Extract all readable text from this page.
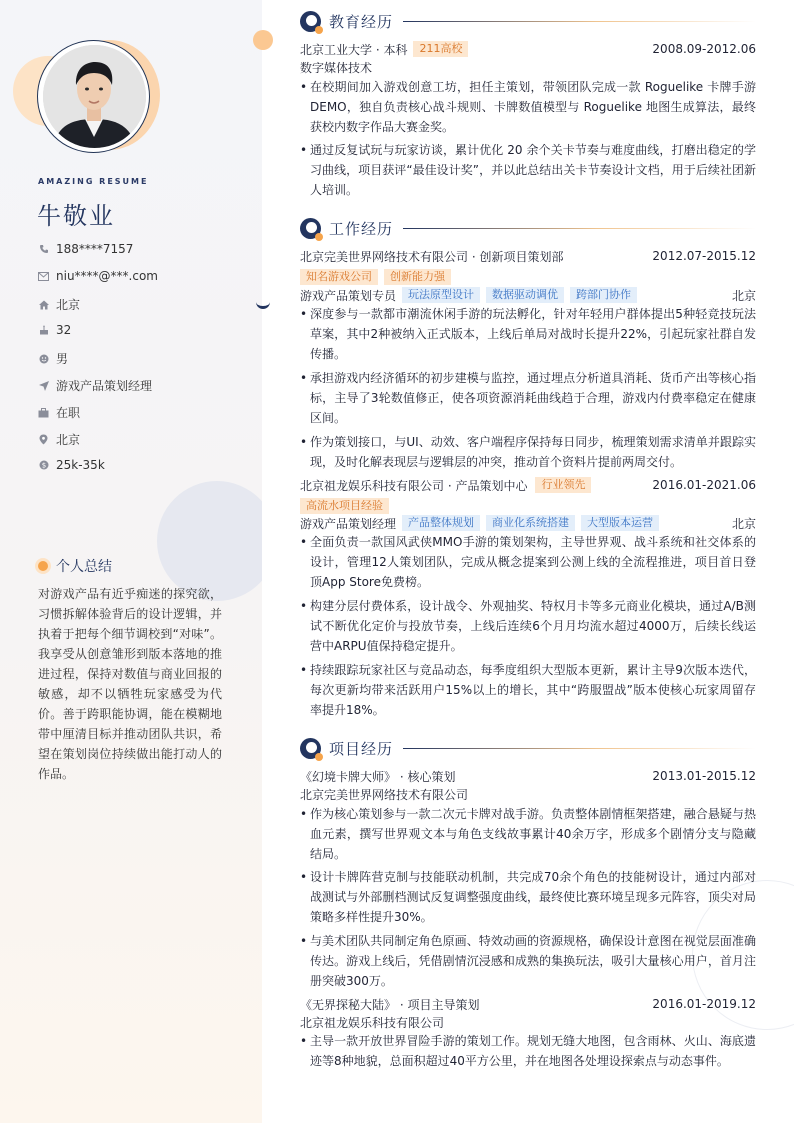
AMAZING RESUME
牛敬业
188****7157
niu****@***.com
北京
32
男
游戏产品策划经理
在职
北京
$ 25k-35k
个人总结
对游戏产品有近乎痴迷的探究欲，习惯拆解体验背后的设计逻辑，并执着于把每个细节调校到“对味”。我享受从创意雏形到版本落地的推进过程，保持对数值与商业回报的敏感，却不以牺牲玩家感受为代价。善于跨职能协调，能在模糊地带中厘清目标并推动团队共识，希望在策划岗位持续做出能打动人的作品。
教育经历
北京工业大学 · 本科	211高校	2008.09-2012.06
数字媒体技术
• 在校期间加入游戏创意工坊，担任主策划，带领团队完成一款 Roguelike 卡牌手游 DEMO，独自负责核心战斗规则、卡牌数值模型与 Roguelike 地图生成算法，最终获校内数字作品大赛金奖。
• 通过反复试玩与玩家访谈，累计优化 20 余个关卡节奏与难度曲线，打磨出稳定的学习曲线，项目获评“最佳设计奖”，并以此总结出关卡节奏设计文档，用于后续社团新人培训。
工作经历
北京完美世界网络技术有限公司 · 创新项目策划部	2012.07-2015.12
知名游戏公司	创新能力强
游戏产品策划专员	玩法原型设计	数据驱动调优	跨部门协作	北京
• 深度参与一款都市潮流休闲手游的玩法孵化，针对年轻用户群体提出5种轻竞技玩法草案，其中2种被纳入正式版本，上线后单局对战时长提升22%，引起玩家社群自发传播。
• 承担游戏内经济循环的初步建模与监控，通过埋点分析道具消耗、货币产出等核心指标，主导了3轮数值修正，使各项资源消耗曲线趋于合理，游戏内付费率稳定在健康区间。
• 作为策划接口，与UI、动效、客户端程序保持每日同步，梳理策划需求清单并跟踪实现，及时化解表现层与逻辑层的冲突，推动首个资料片提前两周交付。
北京祖龙娱乐科技有限公司 · 产品策划中心	行业领先	2016.01-2021.06
高流水项目经验
游戏产品策划经理	产品整体规划	商业化系统搭建	大型版本运营	北京
• 全面负责一款国风武侠MMO手游的策划架构，主导世界观、战斗系统和社交体系的设计，管理12人策划团队，完成从概念提案到公测上线的全流程推进，项目首日登顶App Store免费榜。
• 构建分层付费体系，设计战令、外观抽奖、特权月卡等多元商业化模块，通过A/B测试不断优化定价与投放节奏，上线后连续6个月月均流水超过4000万，后续长线运营中ARPU值保持稳定提升。
• 持续跟踪玩家社区与竞品动态，每季度组织大型版本更新，累计主导9次版本迭代，每次更新均带来活跃用户15%以上的增长，其中“跨服盟战”版本使核心玩家周留存率提升18%。
项目经历
《幻境卡牌大师》 · 核心策划	2013.01-2015.12
北京完美世界网络技术有限公司
• 作为核心策划参与一款二次元卡牌对战手游。负责整体剧情框架搭建，融合悬疑与热血元素，撰写世界观文本与角色支线故事累计40余万字，形成多个剧情分支与隐藏结局。
• 设计卡牌阵营克制与技能联动机制，共完成70余个角色的技能树设计，通过内部对战测试与外部删档测试反复调整强度曲线，最终使比赛环境呈现多元阵容，顶尖对局策略多样性提升30%。
• 与美术团队共同制定角色原画、特效动画的资源规格，确保设计意图在视觉层面准确传达。游戏上线后，凭借剧情沉浸感和成熟的集换玩法，吸引大量核心用户，首月注册突破300万。
《无界探秘大陆》 · 项目主导策划	2016.01-2019.12
北京祖龙娱乐科技有限公司
• 主导一款开放世界冒险手游的策划工作。规划无缝大地图，包含雨林、火山、海底遗迹等8种地貌，总面积超过40平方公里，并在地图各处埋设探索点与动态事件。
